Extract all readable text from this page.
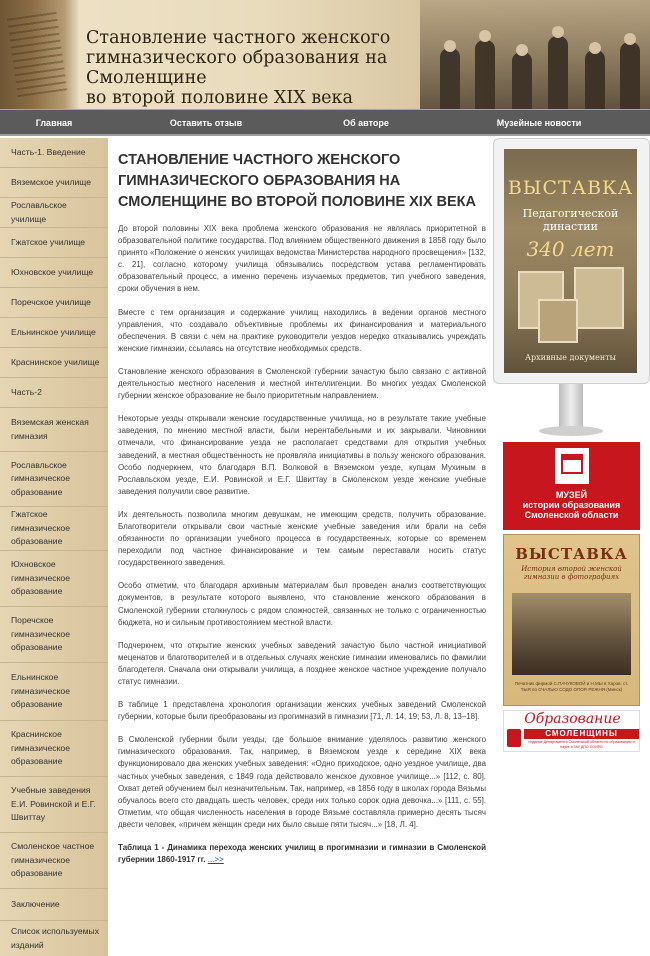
Становление частного женского
гимназического образования на Смоленщине
во второй половине XIX века
Главная	Оставить отзыв	Об авторе	Музейные новости
Часть-1. Введение
Вяземское училище
Рославльское училище
Гжатское училище
Юхновское училище
Поречское училище
Ельнинское училище
Краснинское училище
Часть-2
Вяземская женская гимназия
Рославльское гимназическое образование
Гжатское гимназическое образование
Юхновское гимназическое образование
Поречское гимназическое образование
Ельнинское гимназическое образование
Краснинское гимназическое образование
Учебные заведения Е.И. Ровинской и Е.Г. Швиттау
Смоленское частное гимназическое образование
Заключение
Список используемых изданий
СТАНОВЛЕНИЕ ЧАСТНОГО ЖЕНСКОГО ГИМНАЗИЧЕСКОГО ОБРАЗОВАНИЯ НА СМОЛЕНЩИНЕ ВО ВТОРОЙ ПОЛОВИНЕ XIX ВЕКА

До второй половины XIX века проблема женского образования не являлась приоритетной в образовательной политике государства. Под влиянием общественного движения в 1858 году было принято «Положение о женских училищах ведомства Министерства народного просвещения» [132, с. 21], согласно которому училища обязывались посредством устава регламентировать образовательный процесс, а именно перечень изучаемых предметов, тип учебного заведения, сроки обучения в нем.

Вместе с тем организация и содержание училищ находились в ведении органов местного управления, что создавало объективные проблемы их финансирования и материального обеспечения. В связи с чем на практике руководители уездов нередко отказывались учреждать женские гимназии, ссылаясь на отсутствие необходимых средств.

Становление женского образования в Смоленской губернии зачастую было связано с активной деятельностью местного населения и местной интеллигенции. Во многих уездах Смоленской губернии женское образование не было приоритетным направлением.

Некоторые уезды открывали женские государственные училища, но в результате такие учебные заведения, по мнению местной власти, были нерентабельными и их закрывали. Чиновники отмечали, что финансирование уезда не располагает средствами для открытия учебных заведений, а местная общественность не проявляла инициативы в пользу женского образования. Особо подчеркнем, что благодаря В.П. Волковой в Вяземском уезде, купцам Мухиным в Рославльском уезде, Е.И. Ровинской и Е.Г. Швиттау в Смоленском уезде женские учебные заведения получили свое развитие.

Их деятельность позволила многим девушкам, не имеющим средств, получить образование. Благотворители открывали свои частные женские учебные заведения или брали на себя обязанности по организации учебного процесса в государственных, которые со временем переходили под частное финансирование и тем самым переставали носить статус государственного заведения.

Особо отметим, что благодаря архивным материалам был проведен анализ соответствующих документов, в результате которого выявлено, что становление женского образования в Смоленской губернии столкнулось с рядом сложностей, связанных не только с ограниченностью бюджета, но и сильным противостоянием местной власти.

Подчеркнем, что открытие женских учебных заведений зачастую было частной инициативой меценатов и благотворителей и в отдельных случаях женские гимназии именовались по фамилии благодетеля. Сначала они открывали училища, а позднее женское частное учреждение получало статус гимназии.

В таблице 1 представлена хронология организации женских учебных заведений Смоленской губернии, которые были преобразованы из прогимназий в гимназии [71, Л. 14, 19; 53, Л. 8, 13–18].

В Смоленской губернии были уезды, где большое внимание уделялось развитию женского гимназического образования. Так, например, в Вяземском уезде к середине XIX века функционировало два женских учебных заведения: «Одно приходское, одно уездное училище, два частных учебных заведения, с 1849 года действовало женское духовное училище...» [112, с. 80]. Охват детей обучением был незначительным. Так, например, «в 1856 году в школах города Вязьмы обучалось всего сто двадцать шесть человек, среди них только сорок одна девочка...» [111, с. 55]. Отметим, что общая численность населения в городе Вязьме составляла примерно десять тысяч двести человек, «причем женщин среди них было свыше пяти тысяч...» [18, Л. 4].

Таблица 1 - Динамика перехода женских училищ в прогимназии и гимназии в Смоленской губернии 1860-1917 гг. ...>>

ВЫСТАВКА
Педагогической династии
340 лет
Архивные документы
МУЗЕЙ
истории образования
Смоленской области
ВЫСТАВКА
История второй женской гимназии в фотографиях
Печатник фирмой С.ПАЧУКОВОЙ и Н.МЫ в Харов. ст. ТЫЯ по СЧАЛЬЮ СОДО ОПОР. РЕЖНЯ (Минск)
Образование
СМОЛЕНЩИНЫ
Издание Департамента Смоленской области по образованию и науке и ГАУ ДПО СОИРО
